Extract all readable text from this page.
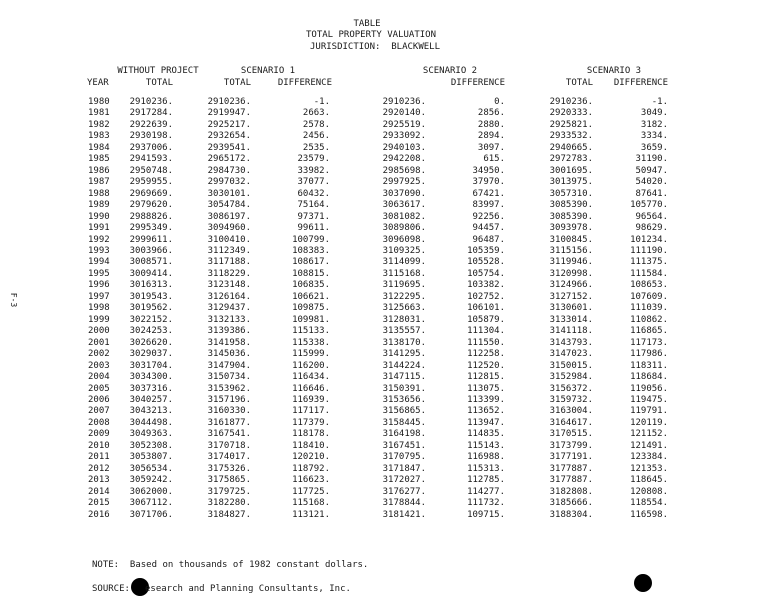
TABLE
TOTAL PROPERTY VALUATION
JURISDICTION:  BLACKWELL
F-3
WITHOUT PROJECT	SCENARIO 1	SCENARIO 2	SCENARIO 3
YEAR	TOTAL	TOTAL	DIFFERENCE	DIFFERENCE	TOTAL DIFFERENCE
1980 2910236.	2910236.	-1.	2910236.	0.	2910236.	-1.
1981 2917284.	2919947.	2663.	2920140.	2856.	2920333.	3049.
1982 2922639.	2925217.	2578.	2925519.	2880.	2925821.	3182.
1983 2930198.	2932654.	2456.	2933092.	2894.	2933532.	3334.
1984 2937006.	2939541.	2535.	2940103.	3097.	2940665.	3659.
1985 2941593.	2965172.	23579.	2942208.	615.	2972783.	31190.
1986 2950748.	2984730.	33982.	2985698.	34950.	3001695.	50947.
1987 2959955.	2997032.	37077.	2997925.	37970.	3013975.	54020.
1988 2969669.	3030101.	60432.	3037090.	67421.	3057310.	87641.
1989 2979620.	3054784.	75164.	3063617.	83997.	3085390.	105770.
1990 2988826.	3086197.	97371.	3081082.	92256.	3085390.	96564.
1991 2995349.	3094960.	99611.	3089806.	94457.	3093978.	98629.
1992 2999611.	3100410.	100799.	3096098.	96487.	3100845.	101234.
1993 3003966.	3112349.	108383.	3109325.	105359.	3115156.	111190.
1994 3008571.	3117188.	108617.	3114099.	105528.	3119946.	111375.
1995 3009414.	3118229.	108815.	3115168.	105754.	3120998.	111584.
1996 3016313.	3123148.	106835.	3119695.	103382.	3124966.	108653.
1997 3019543.	3126164.	106621.	3122295.	102752.	3127152.	107609.
1998 3019562.	3129437.	109875.	3125663.	106101.	3130601.	111039.
1999 3022152.	3132133.	109981.	3128031.	105879.	3133014.	110862.
2000 3024253.	3139386.	115133.	3135557.	111304.	3141118.	116865.
2001 3026620.	3141958.	115338.	3138170.	111550.	3143793.	117173.
2002 3029037.	3145036.	115999.	3141295.	112258.	3147023.	117986.
2003 3031704.	3147904.	116200.	3144224.	112520.	3150015.	118311.
2004 3034300.	3150734.	116434.	3147115.	112815.	3152984.	118684.
2005 3037316.	3153962.	116646.	3150391.	113075.	3156372.	119056.
2006 3040257.	3157196.	116939.	3153656.	113399.	3159732.	119475.
2007 3043213.	3160330.	117117.	3156865.	113652.	3163004.	119791.
2008 3044498.	3161877.	117379.	3158445.	113947.	3164617.	120119.
2009 3049363.	3167541.	118178.	3164198.	114835.	3170515.	121152.
2010 3052308.	3170718.	118410.	3167451.	115143.	3173799.	121491.
2011 3053807.	3174017.	120210.	3170795.	116988.	3177191.	123384.
2012 3056534.	3175326.	118792.	3171847.	115313.	3177887.	121353.
2013 3059242.	3175865.	116623.	3172027.	112785.	3177887.	118645.
2014 3062000.	3179725.	117725.	3176277.	114277.	3182808.	120808.
2015 3067112.	3182280.	115168.	3178844.	111732.	3185666.	118554.
2016 3071706.	3184827.	113121.	3181421.	109715.	3188304.	116598.
NOTE:  Based on thousands of 1982 constant dollars.
SOURCE: esearch and Planning Consultants, Inc.
